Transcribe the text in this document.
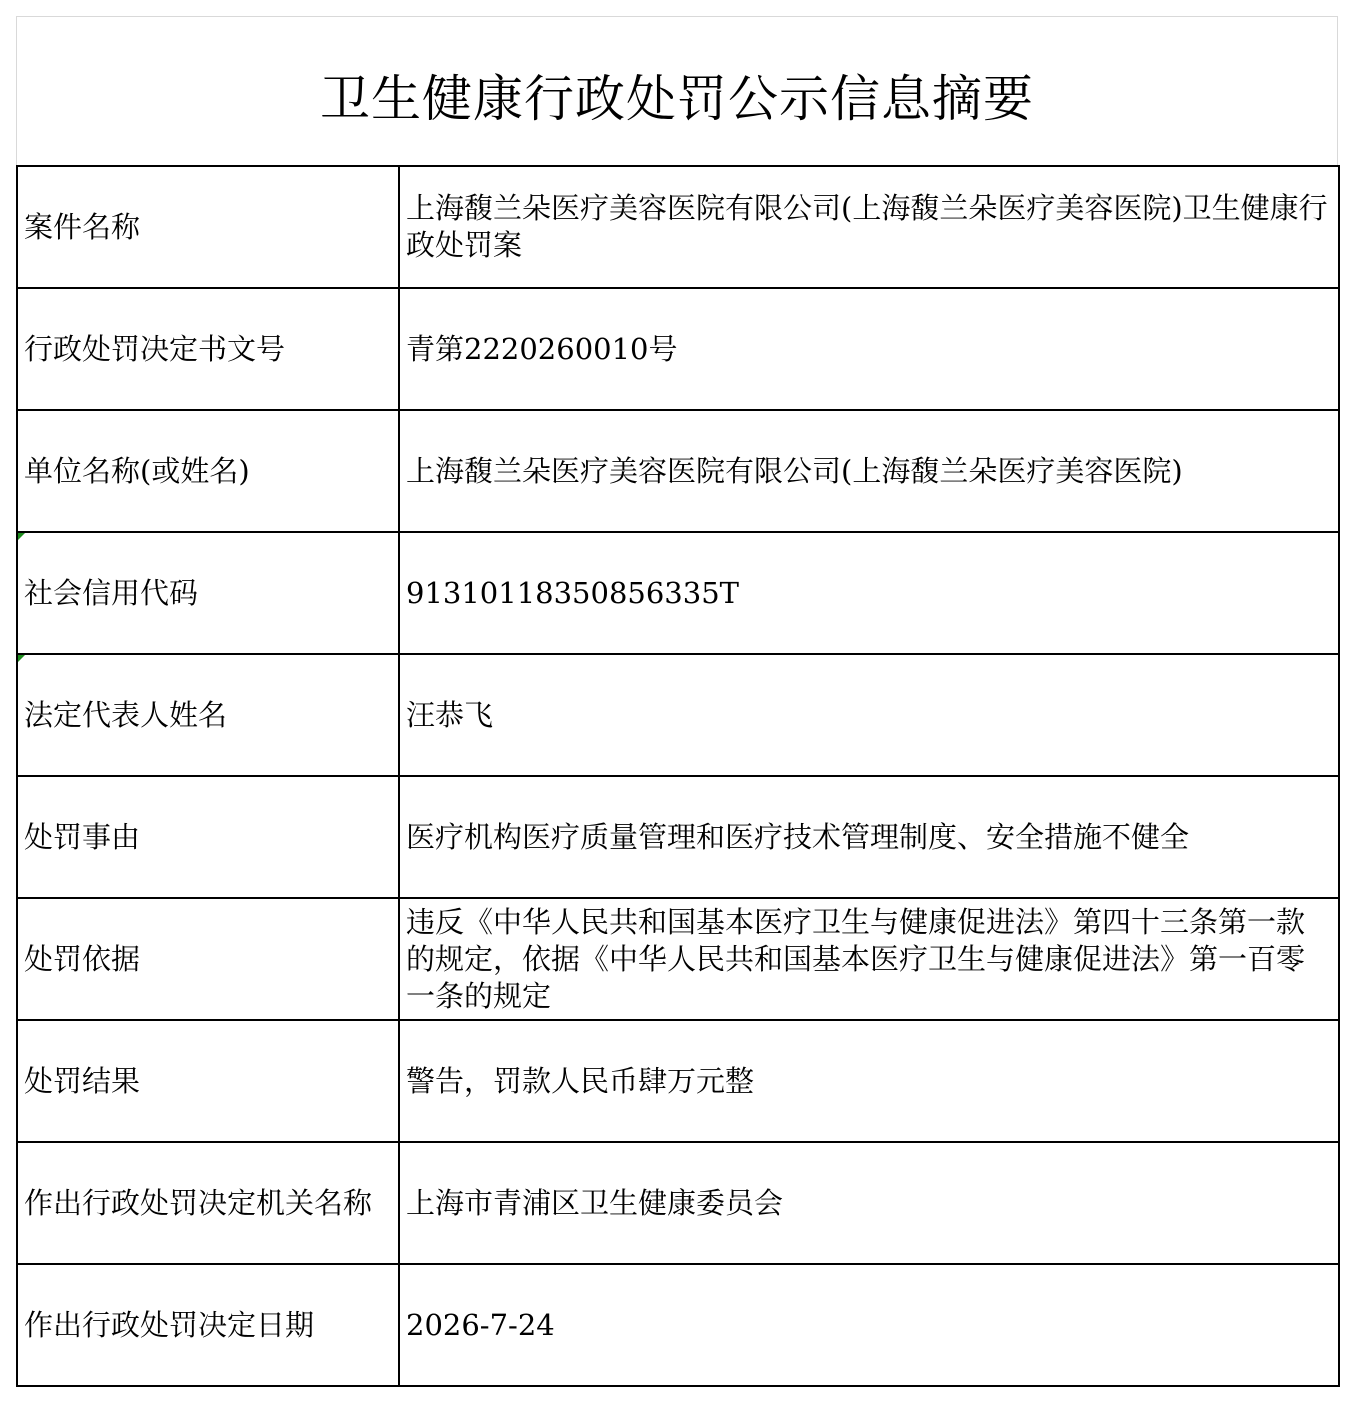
卫生健康行政处罚公示信息摘要
案件名称	上海馥兰朵医疗美容医院有限公司(上海馥兰朵医疗美容医院)卫生健康行政处罚案
行政处罚决定书文号	青第2220260010号
单位名称(或姓名)	上海馥兰朵医疗美容医院有限公司(上海馥兰朵医疗美容医院)

社会信用代码	91310118350856335T

法定代表人姓名	汪恭飞
处罚事由	医疗机构医疗质量管理和医疗技术管理制度、安全措施不健全
处罚依据	违反《中华人民共和国基本医疗卫生与健康促进法》第四十三条第一款的规定，依据《中华人民共和国基本医疗卫生与健康促进法》第一百零一条的规定
处罚结果	警告，罚款人民币肆万元整
作出行政处罚决定机关名称	上海市青浦区卫生健康委员会
作出行政处罚决定日期	2026-7-24
